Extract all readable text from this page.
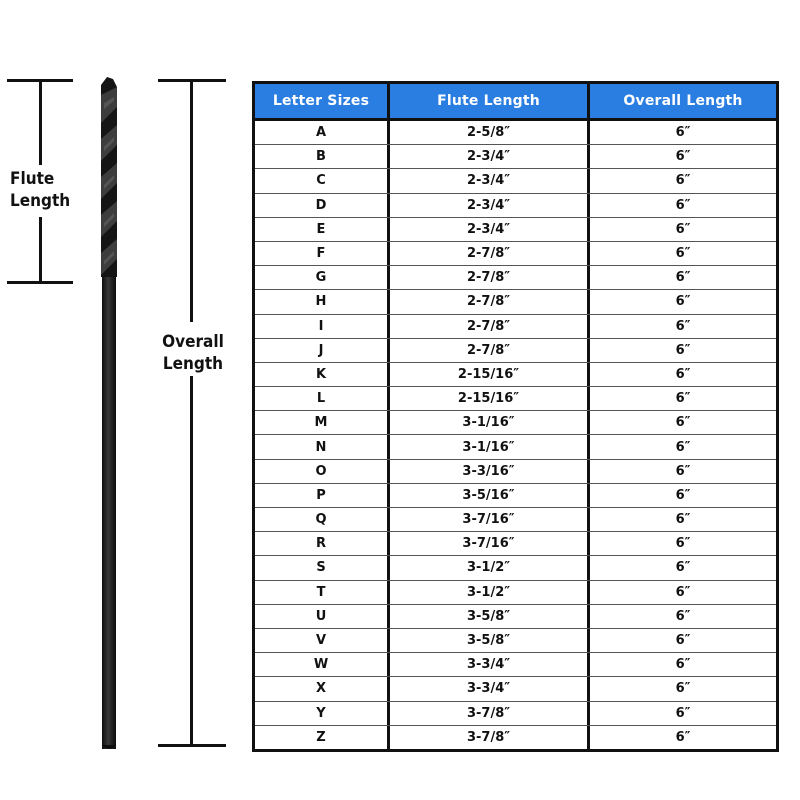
Flute
Length
Overall
Length
Letter Sizes	Flute Length	Overall Length
A	2-5/8″	6″
B	2-3/4″	6″
C	2-3/4″	6″
D	2-3/4″	6″
E	2-3/4″	6″
F	2-7/8″	6″
G	2-7/8″	6″
H	2-7/8″	6″
I	2-7/8″	6″
J	2-7/8″	6″
K	2-15/16″	6″
L	2-15/16″	6″
M	3-1/16″	6″
N	3-1/16″	6″
O	3-3/16″	6″
P	3-5/16″	6″
Q	3-7/16″	6″
R	3-7/16″	6″
S	3-1/2″	6″
T	3-1/2″	6″
U	3-5/8″	6″
V	3-5/8″	6″
W	3-3/4″	6″
X	3-3/4″	6″
Y	3-7/8″	6″
Z	3-7/8″	6″
